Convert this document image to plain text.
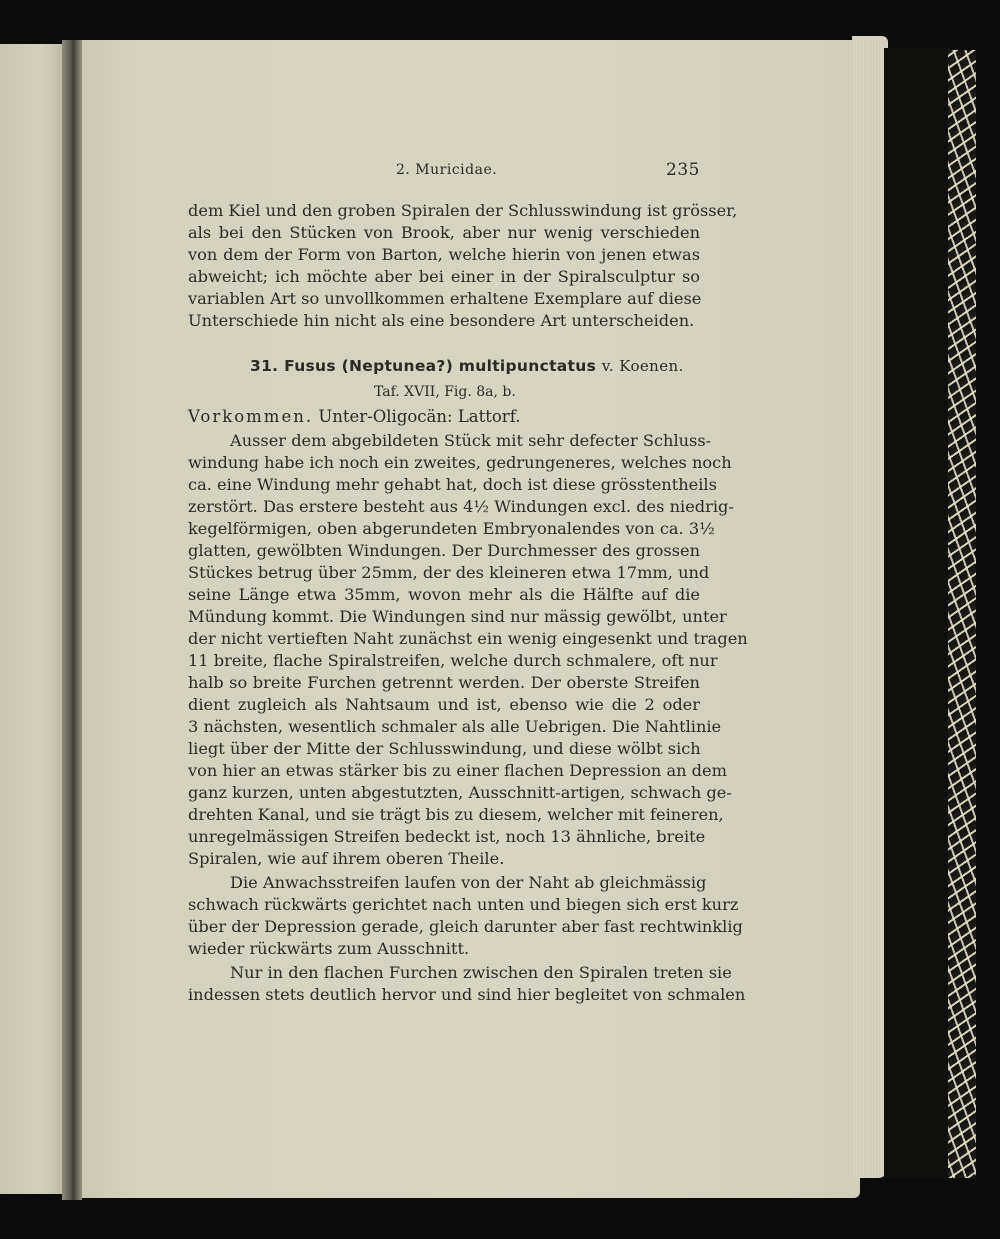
2. Muricidae.	235
dem Kiel und den groben Spiralen der Schlusswindung ist grösser,
als bei den Stücken von Brook, aber nur wenig verschieden
von dem der Form von Barton, welche hierin von jenen etwas
abweicht; ich möchte aber bei einer in der Spiralsculptur so
variablen Art so unvollkommen erhaltene Exemplare auf diese
Unterschiede hin nicht als eine besondere Art unterscheiden.
31. Fusus (Neptunea?) multipunctatus v. Koenen.
Taf. XVII, Fig. 8a, b.
Vorkommen. Unter-Oligocän: Lattorf.
Ausser dem abgebildeten Stück mit sehr defecter Schluss-
windung habe ich noch ein zweites, gedrungeneres, welches noch
ca. eine Windung mehr gehabt hat, doch ist diese grösstentheils
zerstört. Das erstere besteht aus 4½ Windungen excl. des niedrig-
kegelförmigen, oben abgerundeten Embryonalendes von ca. 3½
glatten, gewölbten Windungen. Der Durchmesser des grossen
Stückes betrug über 25mm, der des kleineren etwa 17mm, und
seine Länge etwa 35mm, wovon mehr als die Hälfte auf die
Mündung kommt. Die Windungen sind nur mässig gewölbt, unter
der nicht vertieften Naht zunächst ein wenig eingesenkt und tragen
11 breite, flache Spiralstreifen, welche durch schmalere, oft nur
halb so breite Furchen getrennt werden. Der oberste Streifen
dient zugleich als Nahtsaum und ist, ebenso wie die 2 oder
3 nächsten, wesentlich schmaler als alle Uebrigen. Die Nahtlinie
liegt über der Mitte der Schlusswindung, und diese wölbt sich
von hier an etwas stärker bis zu einer flachen Depression an dem
ganz kurzen, unten abgestutzten, Ausschnitt-artigen, schwach ge-
drehten Kanal, und sie trägt bis zu diesem, welcher mit feineren,
unregelmässigen Streifen bedeckt ist, noch 13 ähnliche, breite
Spiralen, wie auf ihrem oberen Theile.
Die Anwachsstreifen laufen von der Naht ab gleichmässig
schwach rückwärts gerichtet nach unten und biegen sich erst kurz
über der Depression gerade, gleich darunter aber fast rechtwinklig
wieder rückwärts zum Ausschnitt.
Nur in den flachen Furchen zwischen den Spiralen treten sie
indessen stets deutlich hervor und sind hier begleitet von schmalen
